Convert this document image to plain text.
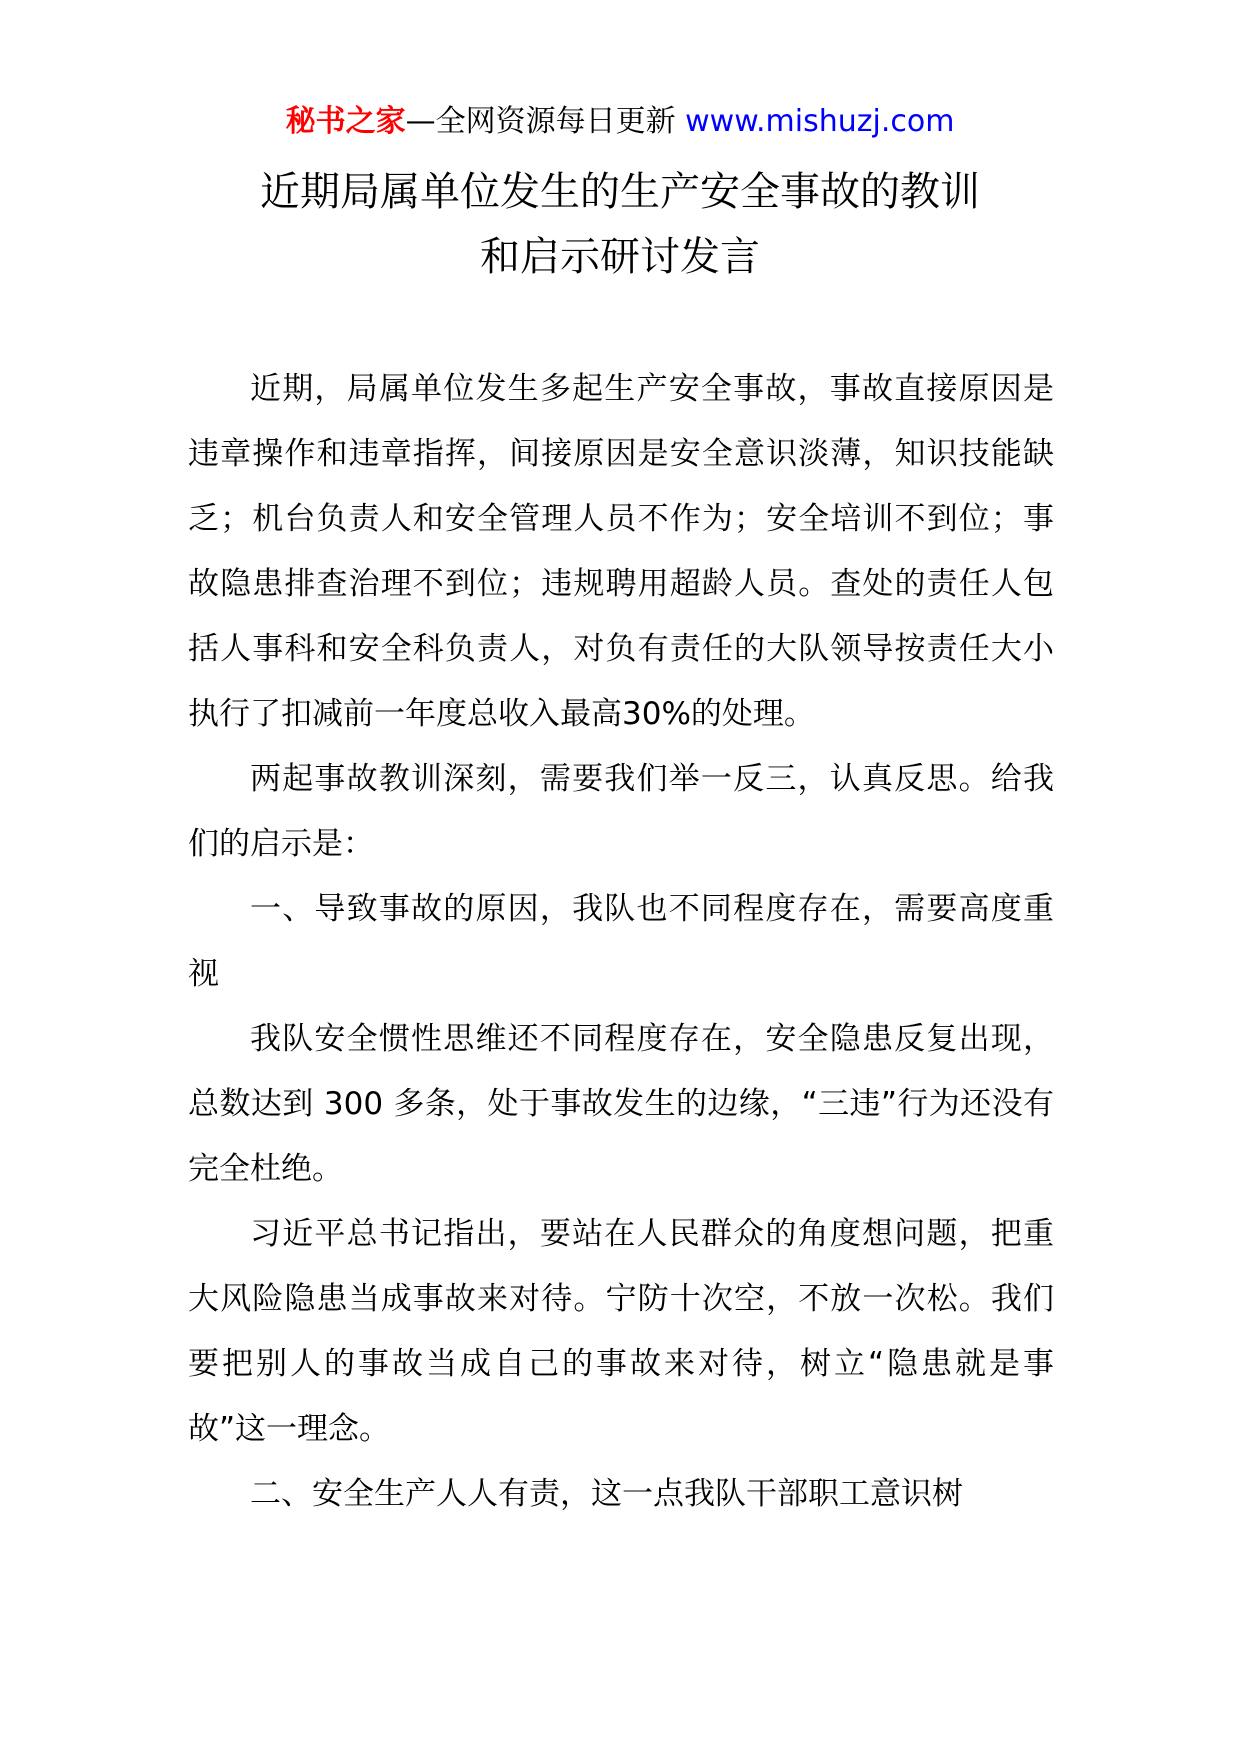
秘书之家—全网资源每日更新 www.mishuzj.com
近期局属单位发生的生产安全事故的教训
和启示研讨发言

近期，局属单位发生多起生产安全事故，事故直接原因是违章操作和违章指挥，间接原因是安全意识淡薄，知识技能缺乏；机台负责人和安全管理人员不作为；安全培训不到位；事故隐患排查治理不到位；违规聘用超龄人员。查处的责任人包括人事科和安全科负责人，对负有责任的大队领导按责任大小执行了扣减前一年度总收入最高30%的处理。

两起事故教训深刻，需要我们举一反三，认真反思。给我们的启示是：

一、导致事故的原因，我队也不同程度存在，需要高度重视

我队安全惯性思维还不同程度存在，安全隐患反复出现，总数达到 300 多条，处于事故发生的边缘，“三违”行为还没有完全杜绝。

习近平总书记指出，要站在人民群众的角度想问题，把重大风险隐患当成事故来对待。宁防十次空，不放一次松。我们要把别人的事故当成自己的事故来对待，树立“隐患就是事故”这一理念。

二、安全生产人人有责，这一点我队干部职工意识树
